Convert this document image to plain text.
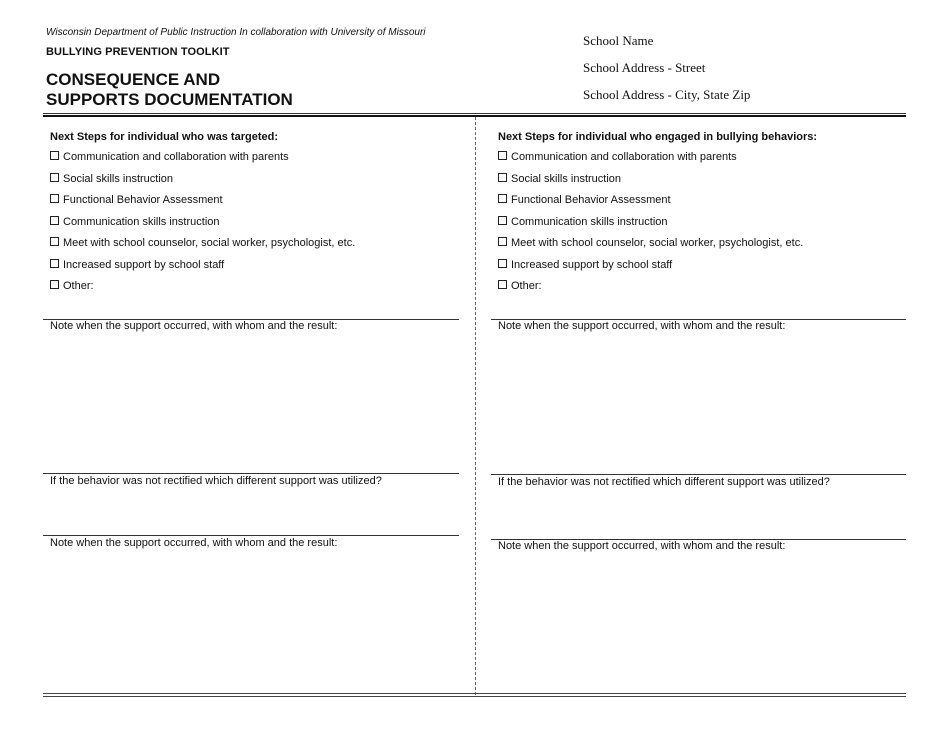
Wisconsin Department of Public Instruction In collaboration with University of Missouri
BULLYING PREVENTION TOOLKIT
CONSEQUENCE AND
SUPPORTS DOCUMENTATION
School Name
School Address - Street
School Address - City, State Zip
Next Steps for individual who was targeted:
Communication and collaboration with parents
Social skills instruction
Functional Behavior Assessment
Communication skills instruction
Meet with school counselor, social worker, psychologist, etc.
Increased support by school staff
Other:
Note when the support occurred, with whom and the result:
If the behavior was not rectified which different support was utilized?
Note when the support occurred, with whom and the result:
Next Steps for individual who engaged in bullying behaviors:
Communication and collaboration with parents
Social skills instruction
Functional Behavior Assessment
Communication skills instruction
Meet with school counselor, social worker, psychologist, etc.
Increased support by school staff
Other:
Note when the support occurred, with whom and the result:
If the behavior was not rectified which different support was utilized?
Note when the support occurred, with whom and the result:
